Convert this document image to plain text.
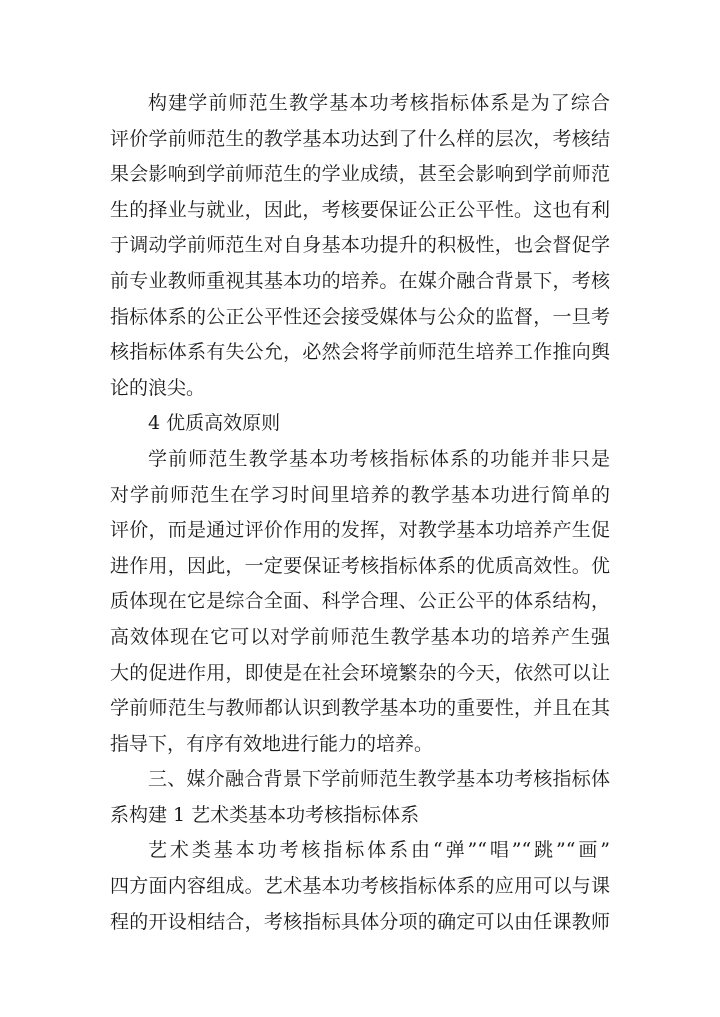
构建学前师范生教学基本功考核指标体系是为了综合
评价学前师范生的教学基本功达到了什么样的层次，考核结
果会影响到学前师范生的学业成绩，甚至会影响到学前师范
生的择业与就业，因此，考核要保证公正公平性。这也有利
于调动学前师范生对自身基本功提升的积极性，也会督促学
前专业教师重视其基本功的培养。在媒介融合背景下，考核
指标体系的公正公平性还会接受媒体与公众的监督，一旦考
核指标体系有失公允，必然会将学前师范生培养工作推向舆
论的浪尖。
4 优质高效原则
学前师范生教学基本功考核指标体系的功能并非只是
对学前师范生在学习时间里培养的教学基本功进行简单的
评价，而是通过评价作用的发挥，对教学基本功培养产生促
进作用，因此，一定要保证考核指标体系的优质高效性。优
质体现在它是综合全面、科学合理、公正公平的体系结构，
高效体现在它可以对学前师范生教学基本功的培养产生强
大的促进作用，即使是在社会环境繁杂的今天，依然可以让
学前师范生与教师都认识到教学基本功的重要性，并且在其
指导下，有序有效地进行能力的培养。
三、媒介融合背景下学前师范生教学基本功考核指标体
系构建 1 艺术类基本功考核指标体系
艺术类基本功考核指标体系由“弹”“唱”“跳”“画”
四方面内容组成。艺术基本功考核指标体系的应用可以与课
程的开设相结合，考核指标具体分项的确定可以由任课教师
